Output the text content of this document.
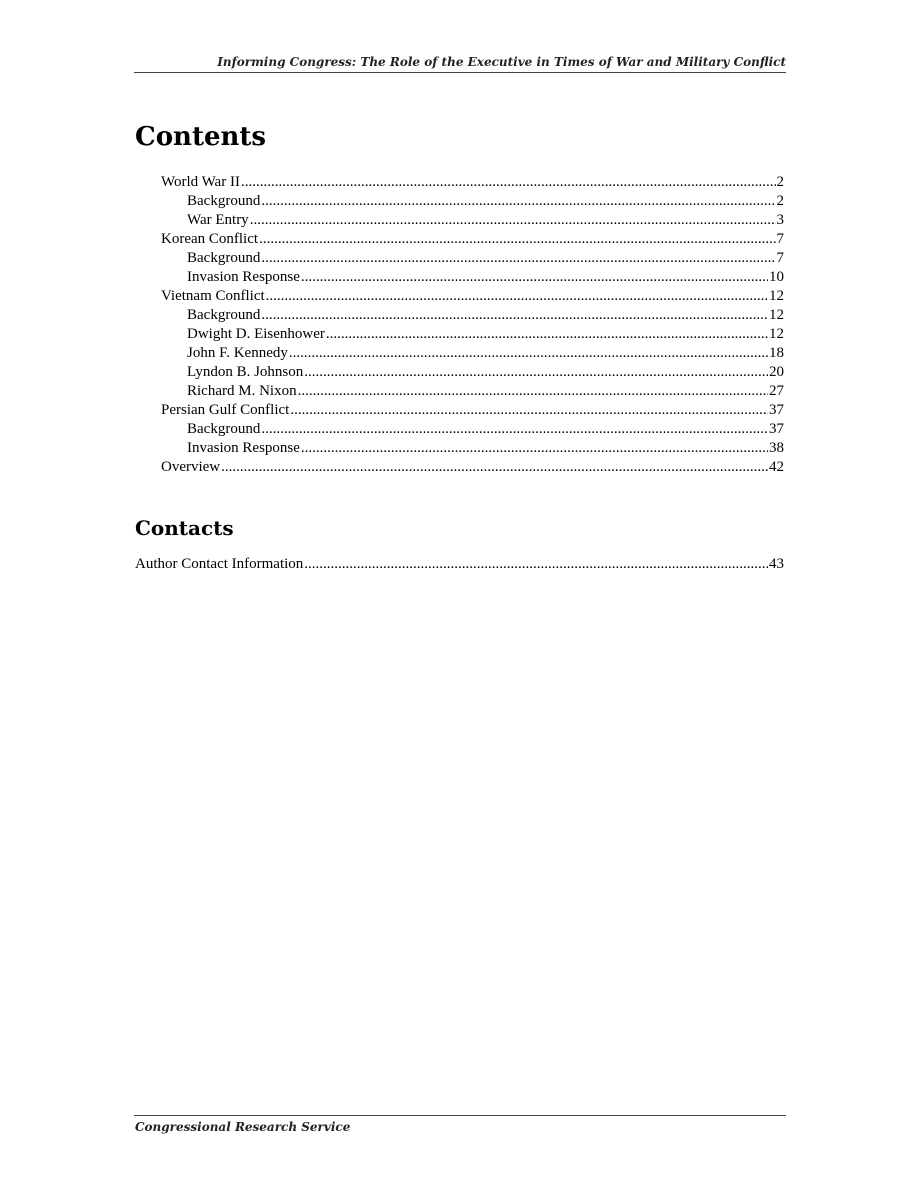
Informing Congress: The Role of the Executive in Times of War and Military Conflict
Contents
World War II .....	2
Background .....	2
War Entry .....	3
Korean Conflict .....	7
Background .....	7
Invasion Response .....	10
Vietnam Conflict .....	12
Background .....	12
Dwight D. Eisenhower .....	12
John F. Kennedy .....	18
Lyndon B. Johnson .....	20
Richard M. Nixon .....	27
Persian Gulf Conflict .....	37
Background .....	37
Invasion Response .....	38
Overview .....	42
Contacts
Author Contact Information .....	43
Congressional Research Service
